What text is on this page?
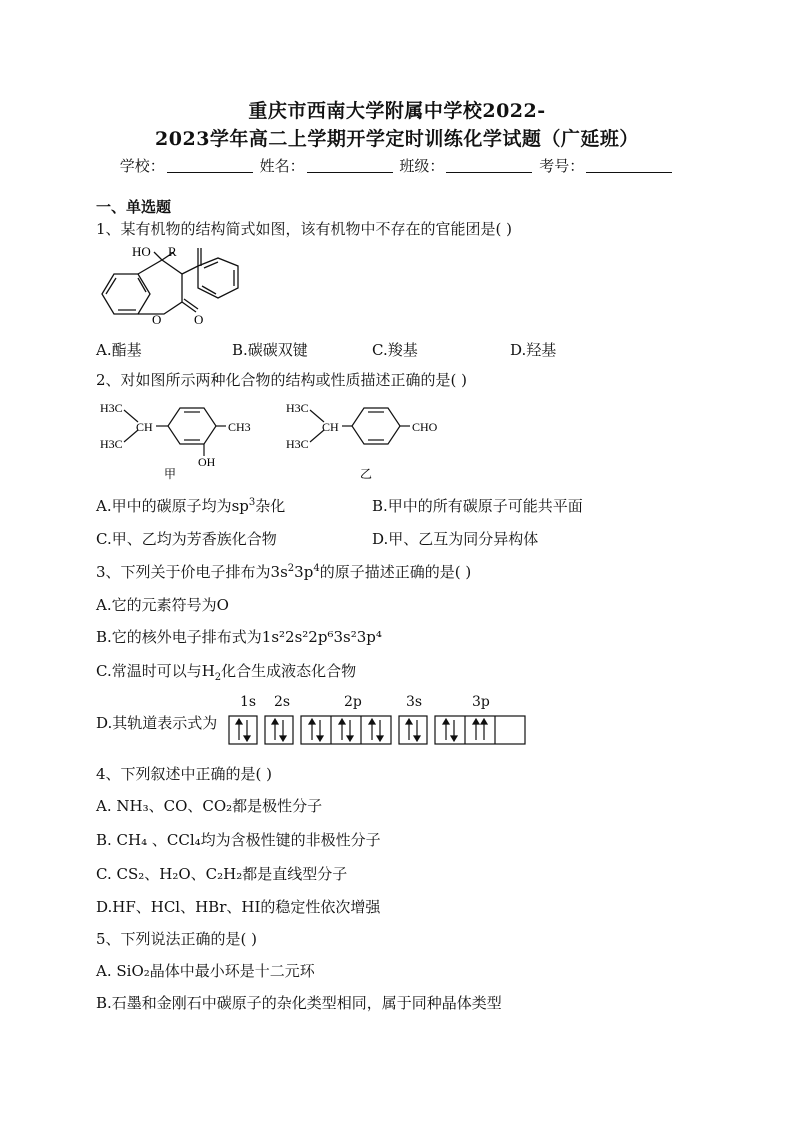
重庆市西南大学附属中学校2022-
2023学年高二上学期开学定时训练化学试题（广延班）
学校：	姓名：	班级：	考号：
一、单选题
1、某有机物的结构简式如图，该有机物中不存在的官能团是( )
HO R
O	O
A.酯基	B.碳碳双键	C.羧基	D.羟基
2、对如图所示两种化合物的结构或性质描述正确的是( )
H3C
CH
H3C
CH3
OH
甲
H3C
CH
H3C
CHO
乙
A.甲中的碳原子均为$sp^3$杂化	B.甲中的所有碳原子可能共平面
C.甲、乙均为芳香族化合物	D.甲、乙互为同分异构体
3、下列关于价电子排布为$3s^23p^4$的原子描述正确的是( )
A.它的元素符号为O
B.它的核外电子排布式为1s²2s²2p⁶3s²3p⁴
C.常温时可以与$H_2$化合生成液态化合物
D.其轨道表示式为
1s 2s	2p	3s	3p
4、下列叙述中正确的是( )
A. NH₃、CO、CO₂都是极性分子
B. CH₄ 、CCl₄均为含极性键的非极性分子
C. CS₂、H₂O、C₂H₂都是直线型分子
D.HF、HCl、HBr、HI的稳定性依次增强
5、下列说法正确的是( )
A. SiO₂晶体中最小环是十二元环
B.石墨和金刚石中碳原子的杂化类型相同，属于同种晶体类型
